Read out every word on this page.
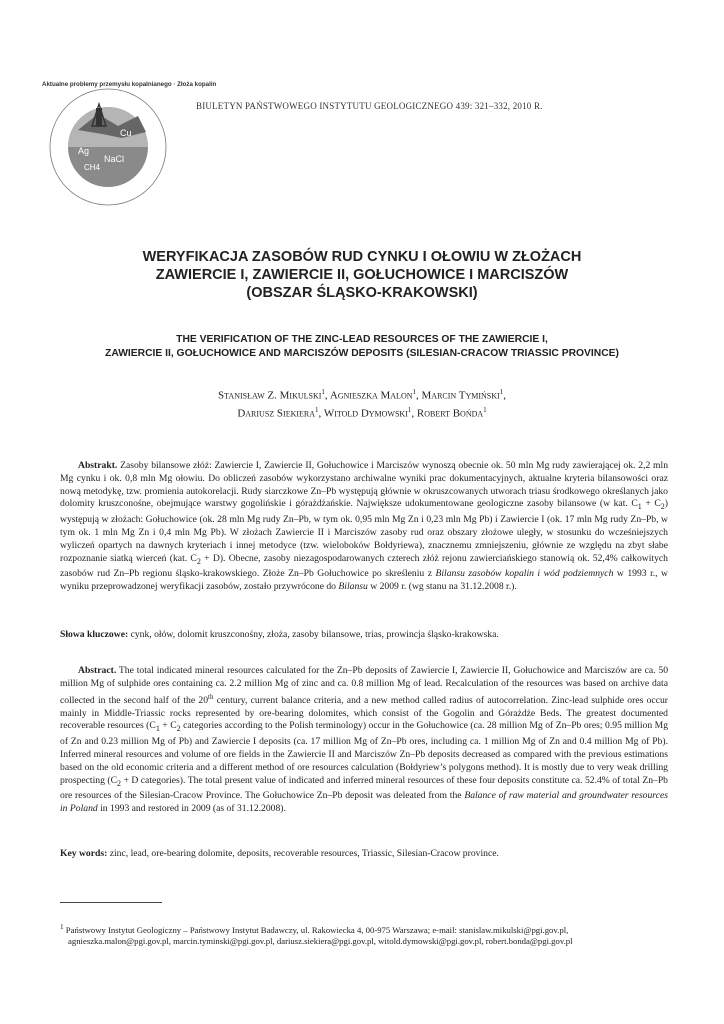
Aktualne problemy przemysłu kopalnianego · Złoża kopalin
Cu
Ag
NaCl
CH4
BIULETYN PAŃSTWOWEGO INSTYTUTU GEOLOGICZNEGO 439: 321–332, 2010 R.
WERYFIKACJA ZASOBÓW RUD CYNKU I OŁOWIU W ZŁOŻACH
ZAWIERCIE I, ZAWIERCIE II, GOŁUCHOWICE I MARCISZÓW
(OBSZAR ŚLĄSKO-KRAKOWSKI)
THE VERIFICATION OF THE ZINC-LEAD RESOURCES OF THE ZAWIERCIE I,
ZAWIERCIE II, GOŁUCHOWICE AND MARCISZÓW DEPOSITS (SILESIAN-CRACOW TRIASSIC PROVINCE)
Stanisław Z. Mikulski$^1$, Agnieszka Malon$^1$, Marcin Tymiński$^1$,
Dariusz Siekiera$^1$, Witold Dymowski$^1$, Robert Bońda$^1$

Abstrakt. Zasoby bilansowe złóż: Zawiercie I, Zawiercie II, Gołuchowice i Marciszów wynoszą obecnie ok. 50 mln Mg rudy zawierającej ok. 2,2 mln Mg cynku i ok. 0,8 mln Mg ołowiu. Do obliczeń zasobów wykorzystano archiwalne wyniki prac dokumentacyjnych, aktualne kryteria bilansowości oraz nową metodykę, tzw. promienia autokorelacji. Rudy siarczkowe Zn–Pb występują głównie w okruszcowanych utworach triasu środkowego określanych jako dolomity kruszconośne, obejmujące warstwy gogolińskie i górażdżańskie. Największe udokumentowane geologiczne zasoby bilansowe (w kat. $C_1 + C_2$) występują w złożach: Gołuchowice (ok. 28 mln Mg rudy Zn–Pb, w tym ok. 0,95 mln Mg Zn i 0,23 mln Mg Pb) i Zawiercie I (ok. 17 mln Mg rudy Zn–Pb, w tym ok. 1 mln Mg Zn i 0,4 mln Mg Pb). W złożach Zawiercie II i Marciszów zasoby rud oraz obszary złożowe uległy, w stosunku do wcześniejszych wyliczeń opartych na dawnych kryteriach i innej metodyce (tzw. wieloboków Bołdyriewa), znacznemu zmniejszeniu, głównie ze względu na zbyt słabe rozpoznanie siatką wierceń (kat. $C_2 + D$). Obecne, zasoby niezagospodarowanych czterech złóż rejonu zawierciańskiego stanowią ok. 52,4% całkowitych zasobów rud Zn–Pb regionu śląsko-krakowskiego. Złoże Zn–Pb Gołuchowice po skreśleniu z Bilansu zasobów kopalin i wód podziemnych w 1993 r., w wyniku przeprowadzonej weryfikacji zasobów, zostało przywrócone do Bilansu w 2009 r. (wg stanu na 31.12.2008 r.).

Słowa kluczowe: cynk, ołów, dolomit kruszconośny, złoża, zasoby bilansowe, trias, prowincja śląsko-krakowska.

Abstract. The total indicated mineral resources calculated for the Zn–Pb deposits of Zawiercie I, Zawiercie II, Gołuchowice and Marciszów are ca. 50 million Mg of sulphide ores containing ca. 2.2 million Mg of zinc and ca. 0.8 million Mg of lead. Recalculation of the resources was based on archive data collected in the second half of the 20th century, current balance criteria, and a new method called radius of autocorrelation. Zinc-lead sulphide ores occur mainly in Middle-Triassic rocks represented by ore-bearing dolomites, which consist of the Gogolin and Górażdże Beds. The greatest documented recoverable resources ($C_1 + C_2$ categories according to the Polish terminology) occur in the Gołuchowice (ca. 28 million Mg of Zn–Pb ores; 0.95 million Mg of Zn and 0.23 million Mg of Pb) and Zawiercie I deposits (ca. 17 million Mg of Zn–Pb ores, including ca. 1 million Mg of Zn and 0.4 million Mg of Pb). Inferred mineral resources and volume of ore fields in the Zawiercie II and Marciszów Zn–Pb deposits decreased as compared with the previous estimations based on the old economic criteria and a different method of ore resources calculation (Bołdyriew’s polygons method). It is mostly due to very weak drilling prospecting ($C_2 + D$ categories). The total present value of indicated and inferred mineral resources of these four deposits constitute ca. 52.4% of total Zn–Pb ore resources of the Silesian-Cracow Province. The Gołuchowice Zn–Pb deposit was deleated from the Balance of raw material and groundwater resources in Poland in 1993 and restored in 2009 (as of 31.12.2008).

Key words: zinc, lead, ore-bearing dolomite, deposits, recoverable resources, Triassic, Silesian-Cracow province.

$^1$ Państwowy Instytut Geologiczny – Państwowy Instytut Badawczy, ul. Rakowiecka 4, 00-975 Warszawa; e-mail: stanislaw.mikulski@pgi.gov.pl,
agnieszka.malon@pgi.gov.pl, marcin.tyminski@pgi.gov.pl, dariusz.siekiera@pgi.gov.pl, witold.dymowski@pgi.gov.pl, robert.bonda@pgi.gov.pl
